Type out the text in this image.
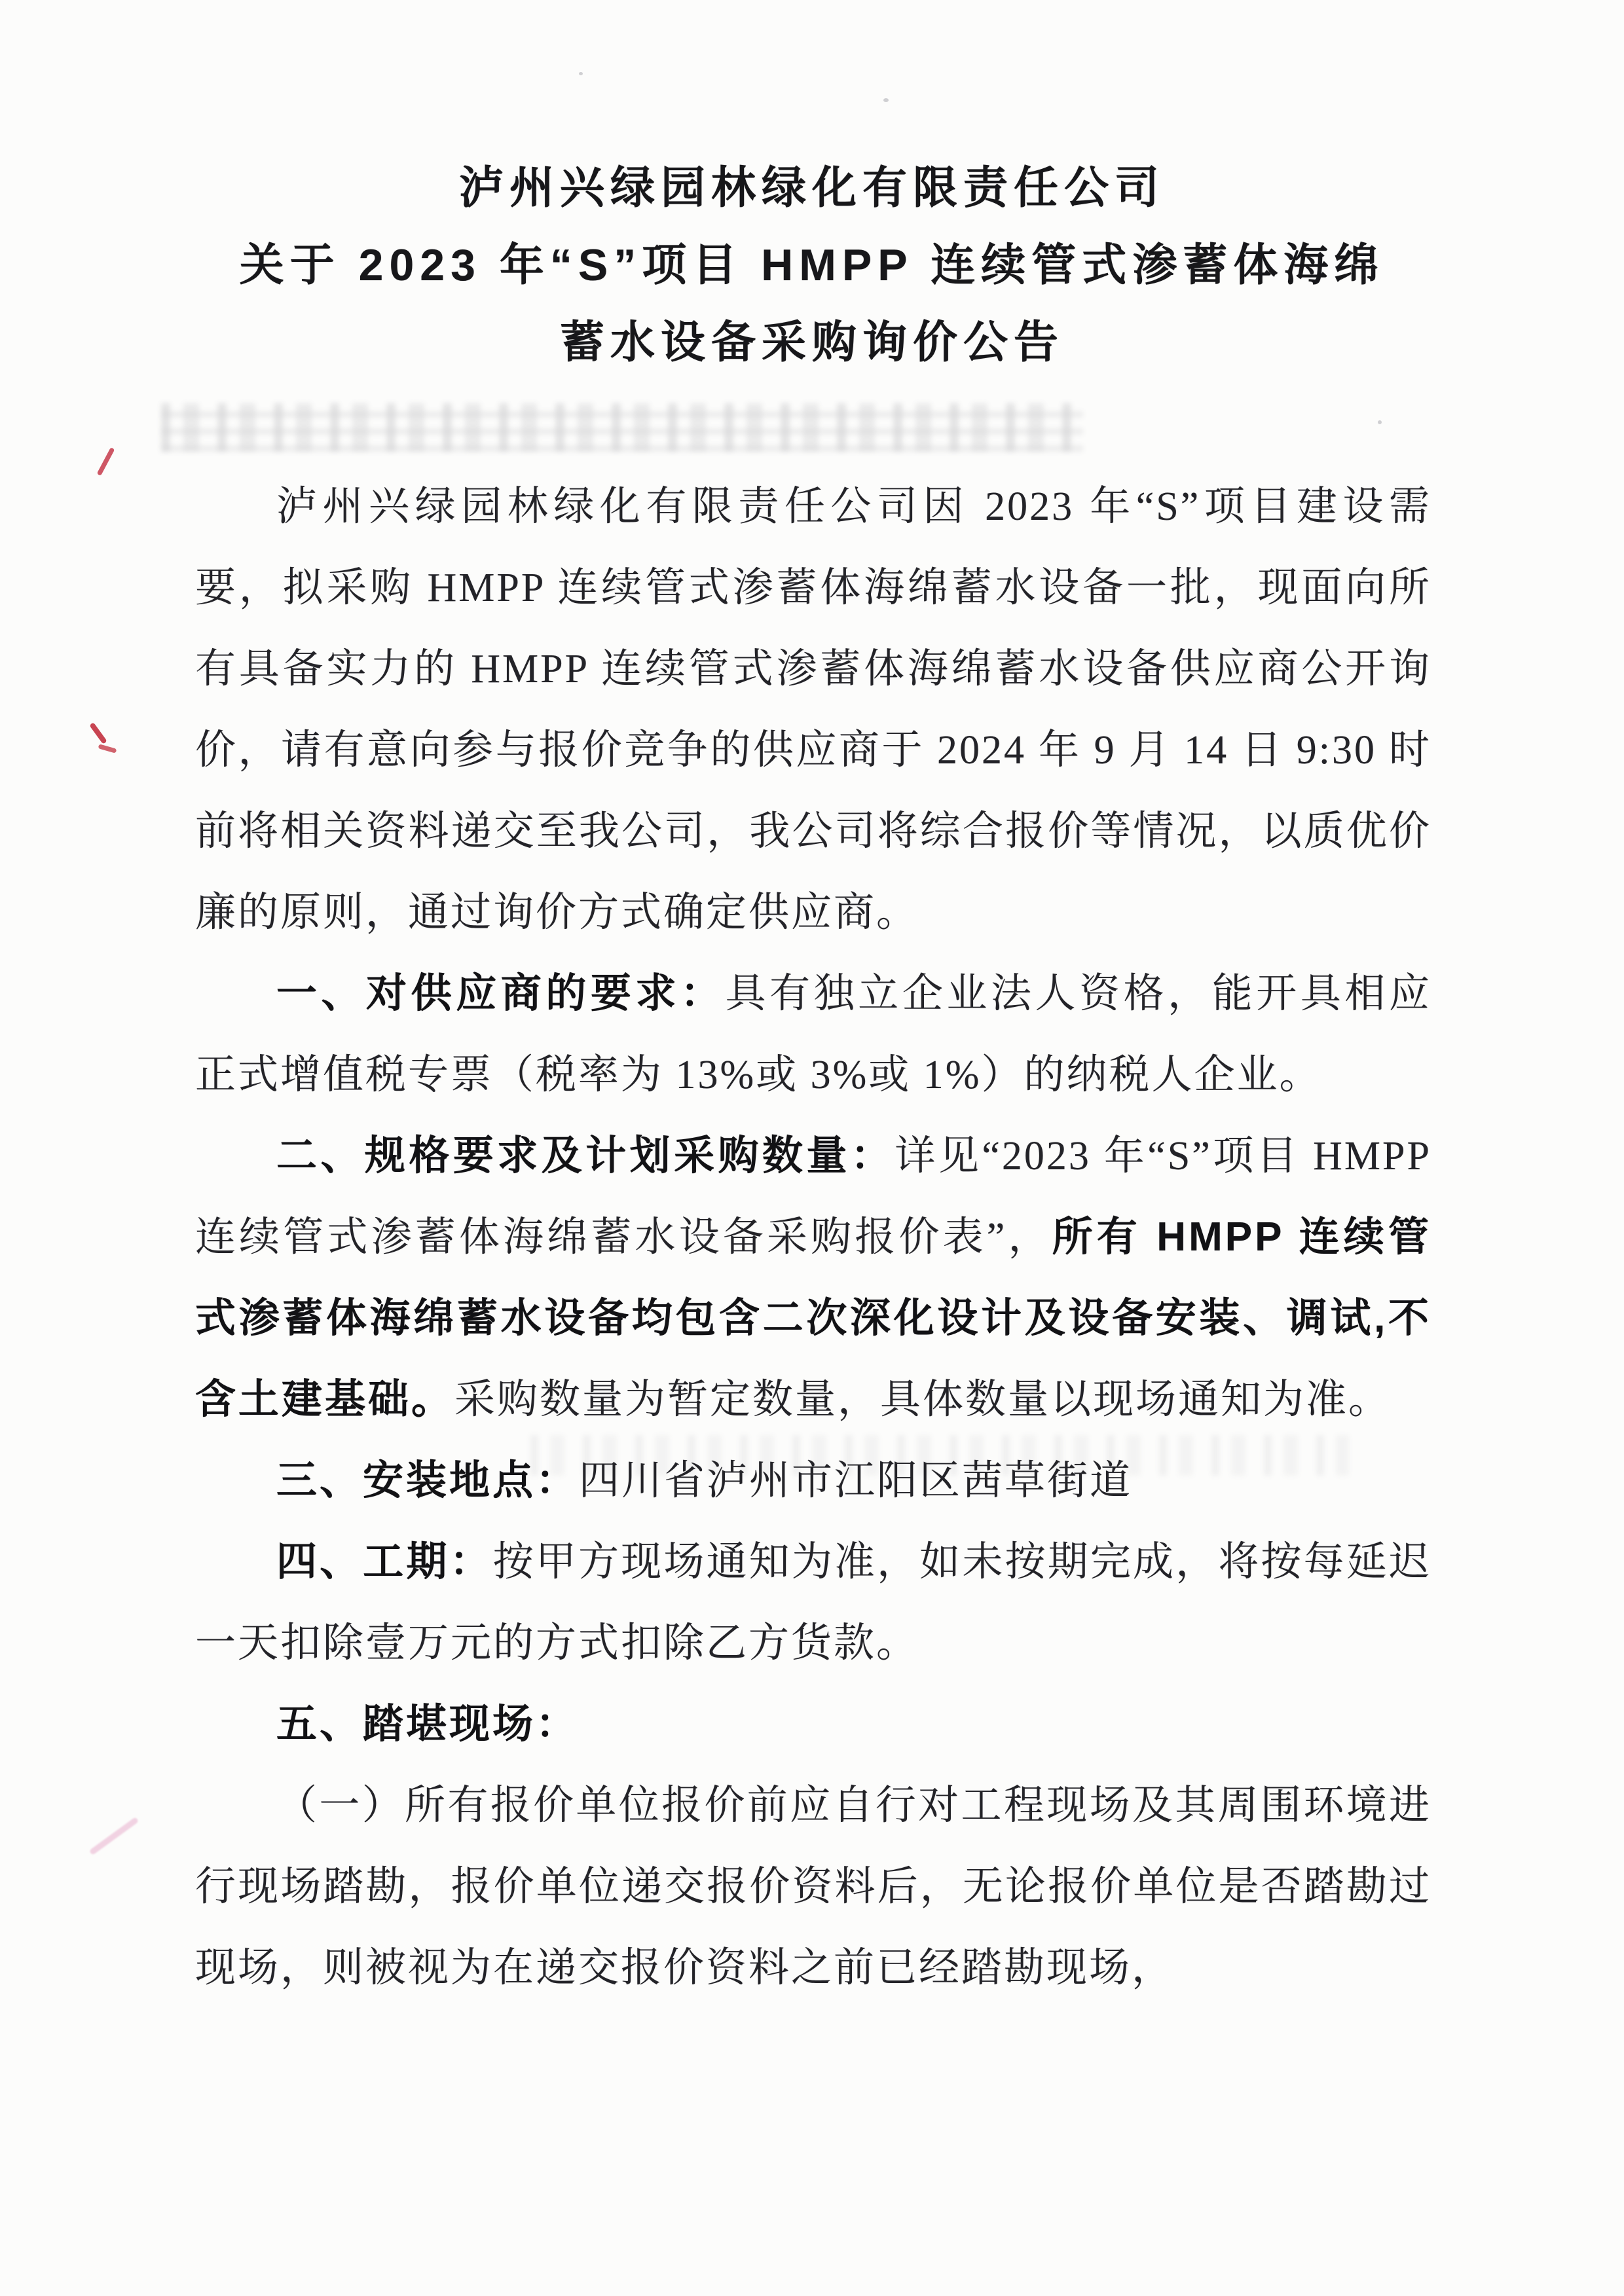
泸州兴绿园林绿化有限责任公司
关于 2023 年“S”项目 HMPP 连续管式渗蓄体海绵
蓄水设备采购询价公告

泸州兴绿园林绿化有限责任公司因 2023 年“S”项目建设需要，拟采购 HMPP 连续管式渗蓄体海绵蓄水设备一批，现面向所有具备实力的 HMPP 连续管式渗蓄体海绵蓄水设备供应商公开询价，请有意向参与报价竞争的供应商于 2024 年 9 月 14 日 9:30 时前将相关资料递交至我公司，我公司将综合报价等情况，以质优价廉的原则，通过询价方式确定供应商。

一、对供应商的要求：具有独立企业法人资格，能开具相应正式增值税专票（税率为 13%或 3%或 1%）的纳税人企业。

二、规格要求及计划采购数量：详见“2023 年“S”项目 HMPP 连续管式渗蓄体海绵蓄水设备采购报价表”，所有 HMPP 连续管式渗蓄体海绵蓄水设备均包含二次深化设计及设备安装、调试,不含土建基础。采购数量为暂定数量，具体数量以现场通知为准。

三、安装地点：四川省泸州市江阳区茜草街道

四、工期：按甲方现场通知为准，如未按期完成，将按每延迟一天扣除壹万元的方式扣除乙方货款。

五、踏堪现场：

（一）所有报价单位报价前应自行对工程现场及其周围环境进行现场踏勘，报价单位递交报价资料后，无论报价单位是否踏勘过现场，则被视为在递交报价资料之前已经踏勘现场，
